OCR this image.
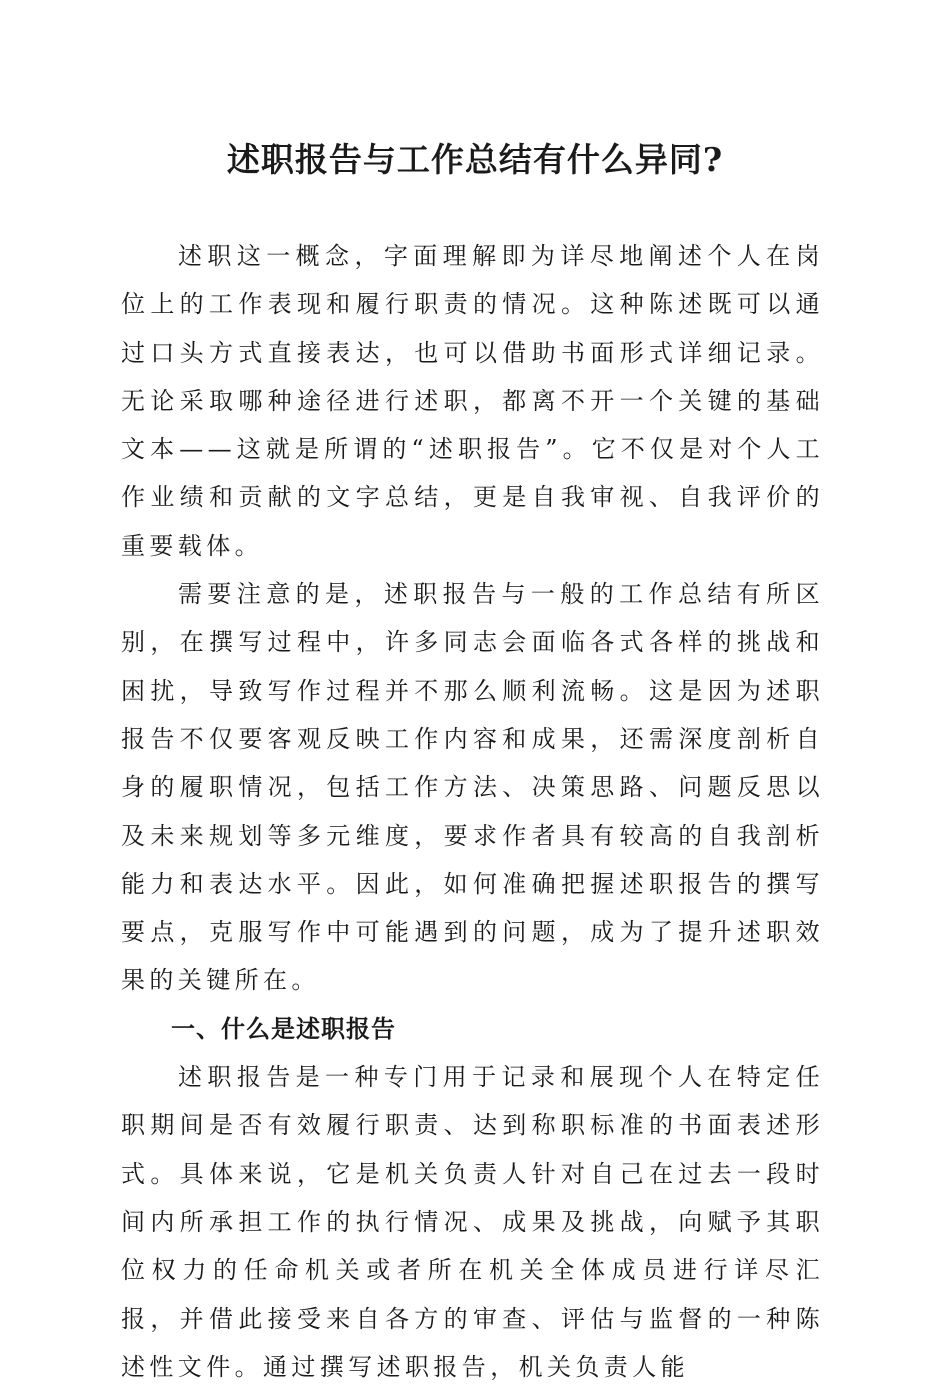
述职报告与工作总结有什么异同?

述职这一概念，字面理解即为详尽地阐述个人在岗位上的工作表现和履行职责的情况。这种陈述既可以通过口头方式直接表达，也可以借助书面形式详细记录。无论采取哪种途径进行述职，都离不开一个关键的基础文本——这就是所谓的“述职报告”。它不仅是对个人工作业绩和贡献的文字总结，更是自我审视、自我评价的重要载体。

需要注意的是，述职报告与一般的工作总结有所区别，在撰写过程中，许多同志会面临各式各样的挑战和困扰，导致写作过程并不那么顺利流畅。这是因为述职报告不仅要客观反映工作内容和成果，还需深度剖析自身的履职情况，包括工作方法、决策思路、问题反思以及未来规划等多元维度，要求作者具有较高的自我剖析能力和表达水平。因此，如何准确把握述职报告的撰写要点，克服写作中可能遇到的问题，成为了提升述职效果的关键所在。

一、什么是述职报告

述职报告是一种专门用于记录和展现个人在特定任职期间是否有效履行职责、达到称职标准的书面表述形式。具体来说，它是机关负责人针对自己在过去一段时间内所承担工作的执行情况、成果及挑战，向赋予其职位权力的任命机关或者所在机关全体成员进行详尽汇报，并借此接受来自各方的审查、评估与监督的一种陈述性文件。通过撰写述职报告，机关负责人能
